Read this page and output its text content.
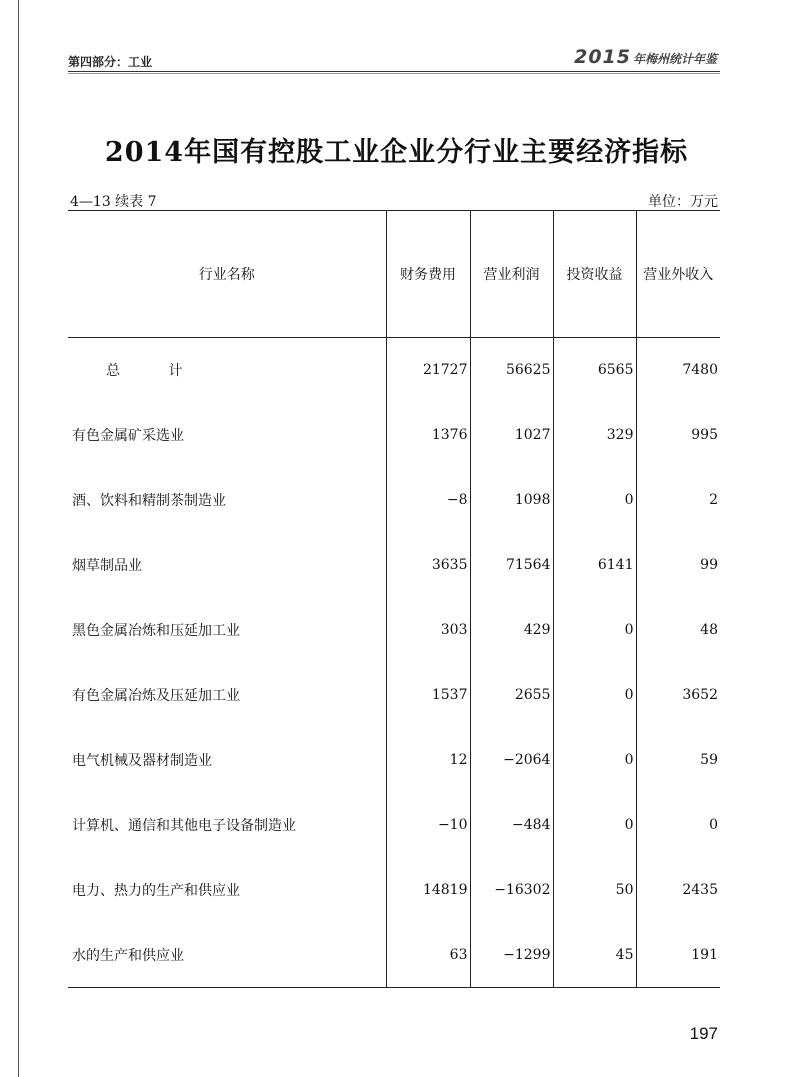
第四部分：工业	2015 年梅州统计年鉴
2014年国有控股工业企业分行业主要经济指标
4—13 续表 7	单位：万元
行业名称	财务费用	营业利润	投资收益	营业外收入
总 计	21727	56625	6565	7480
有色金属矿采选业	1376	1027	329	995
酒、饮料和精制茶制造业	−8	1098	0	2
烟草制品业	3635	71564	6141	99
黑色金属冶炼和压延加工业	303	429	0	48
有色金属冶炼及压延加工业	1537	2655	0	3652
电气机械及器材制造业	12	−2064	0	59
计算机、通信和其他电子设备制造业	−10	−484	0	0
电力、热力的生产和供应业	14819	−16302	50	2435
水的生产和供应业	63	−1299	45	191
197
